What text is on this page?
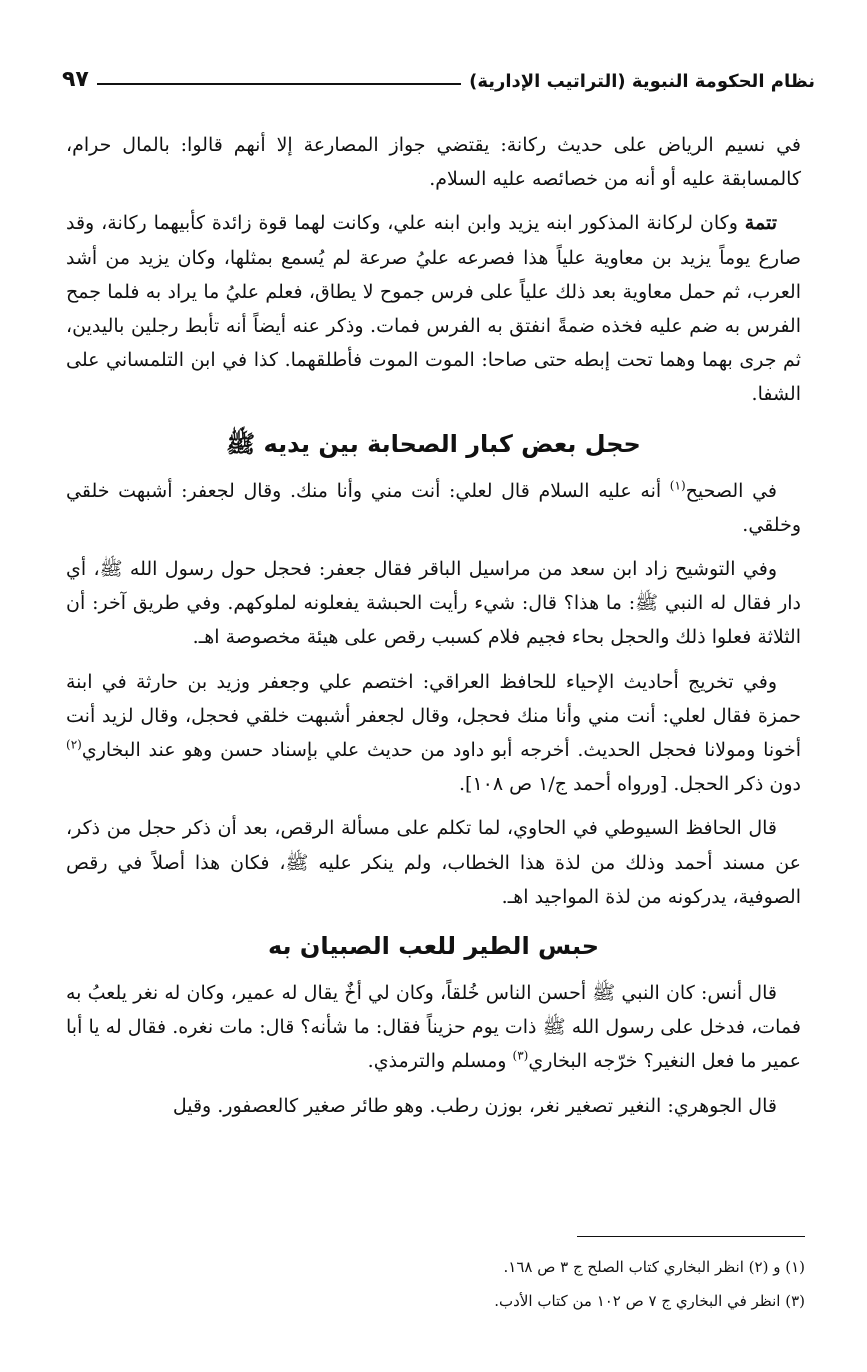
نظام الحكومة النبوية (التراتيب الإدارية)
٩٧

في نسيم الرياض على حديث ركانة: يقتضي جواز المصارعة إلا أنهم قالوا: بالمال حرام، كالمسابقة عليه أو أنه من خصائصه عليه السلام.

تتمة وكان لركانة المذكور ابنه يزيد وابن ابنه علي، وكانت لهما قوة زائدة كأبيهما ركانة، وقد صارع يوماً يزيد بن معاوية علياً هذا فصرعه عليُ صرعة لم يُسمع بمثلها، وكان يزيد من أشد العرب، ثم حمل معاوية بعد ذلك علياً على فرس جموح لا يطاق، فعلم عليُ ما يراد به فلما جمح الفرس به ضم عليه فخذه ضمةً انفتق به الفرس فمات. وذكر عنه أيضاً أنه تأبط رجلين باليدين، ثم جرى بهما وهما تحت إبطه حتى صاحا: الموت الموت فأطلقهما. كذا في ابن التلمساني على الشفا.

حجل بعض كبار الصحابة بين يديه ﷺ

في الصحيح$^{(١)}$ أنه عليه السلام قال لعلي: أنت مني وأنا منك. وقال لجعفر: أشبهت خلقي وخلقي.

وفي التوشيح زاد ابن سعد من مراسيل الباقر فقال جعفر: فحجل حول رسول الله ﷺ، أي دار فقال له النبي ﷺ: ما هذا؟ قال: شيء رأيت الحبشة يفعلونه لملوكهم. وفي طريق آخر: أن الثلاثة فعلوا ذلك والحجل بحاء فجيم فلام كسبب رقص على هيئة مخصوصة اهـ.

وفي تخريج أحاديث الإحياء للحافظ العراقي: اختصم علي وجعفر وزيد بن حارثة في ابنة حمزة فقال لعلي: أنت مني وأنا منك فحجل، وقال لجعفر أشبهت خلقي فحجل، وقال لزيد أنت أخونا ومولانا فحجل الحديث. أخرجه أبو داود من حديث علي بإسناد حسن وهو عند البخاري$^{(٢)}$ دون ذكر الحجل. [ورواه أحمد ج/١ ص ١٠٨].

قال الحافظ السيوطي في الحاوي، لما تكلم على مسألة الرقص، بعد أن ذكر حجل من ذكر، عن مسند أحمد وذلك من لذة هذا الخطاب، ولم ينكر عليه ﷺ، فكان هذا أصلاً في رقص الصوفية، يدركونه من لذة المواجيد اهـ.

حبس الطير للعب الصبيان به

قال أنس: كان النبي ﷺ أحسن الناس خُلقاً، وكان لي أخٌ يقال له عمير، وكان له نغر يلعبُ به فمات، فدخل على رسول الله ﷺ ذات يوم حزيناً فقال: ما شأنه؟ قال: مات نغره. فقال له يا أبا عمير ما فعل النغير؟ خرّجه البخاري$^{(٣)}$ ومسلم والترمذي.

قال الجوهري: النغير تصغير نغر، بوزن رطب. وهو طائر صغير كالعصفور. وقيل

(١) و (٢) انظر البخاري كتاب الصلح ج ٣ ص ١٦٨.

(٣) انظر في البخاري ج ٧ ص ١٠٢ من كتاب الأدب.
